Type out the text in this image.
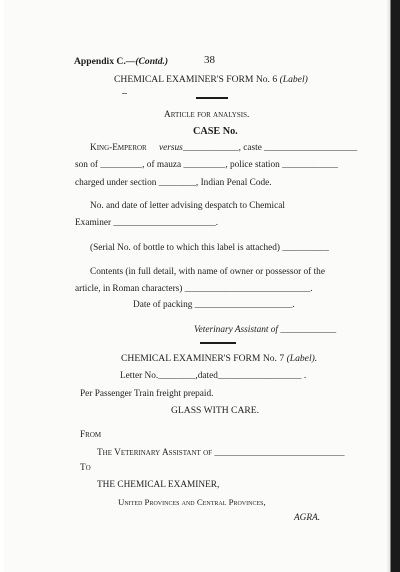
Appendix C.—(Contd.)	38
CHEMICAL EXAMINER'S FORM No. 6 (Label)
Article for analysis.
CASE No.
King-Emperor versus____________, caste ____________________
son of _________, of mauza _________, police station ____________
charged under section ________, Indian Penal Code.
No. and date of letter advising despatch to Chemical
Examiner ______________________.
(Serial No. of bottle to which this label is attached) __________
Contents (in full detail, with name of owner or possessor of the
article, in Roman characters) ___________________________.
Date of packing _____________________.
Veterinary Assistant of ____________
CHEMICAL EXAMINER'S FORM No. 7 (Label).
Letter No.________,dated__________________ .
Per Passenger Train freight prepaid.
GLASS WITH CARE.
From
The Veterinary Assistant of ____________________________
To
THE CHEMICAL EXAMINER,
United Provinces and Central Provinces,
AGRA.
